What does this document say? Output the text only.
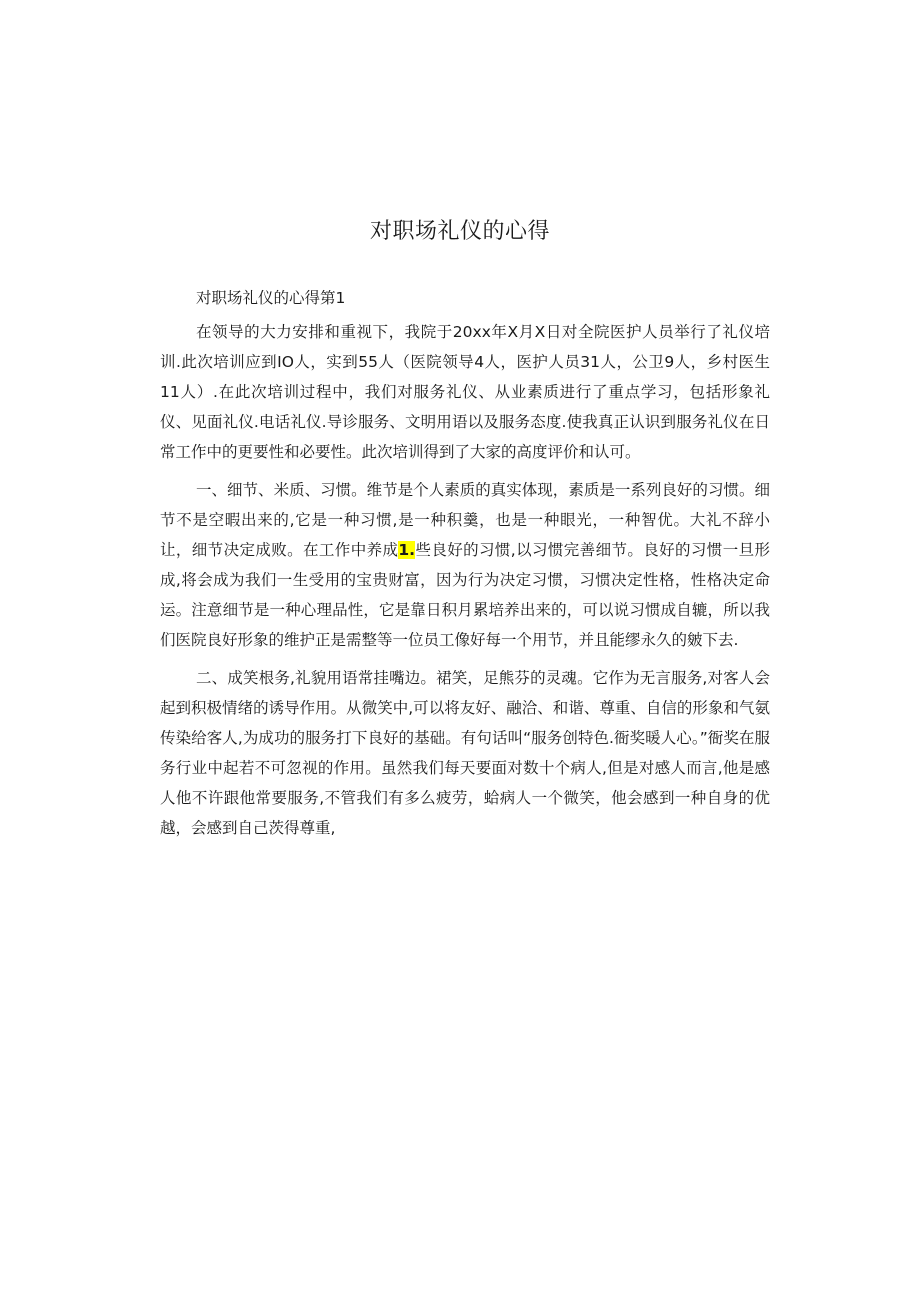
对职场礼仪的心得

对职场礼仪的心得第1

在领导的大力安排和重视下，我院于20xx年X月X日对全院医护人员举行了礼仪培训.此次培训应到IO人，实到55人（医院领导4人，医护人员31人，公卫9人，乡村医生11人）.在此次培训过程中，我们对服务礼仪、从业素质进行了重点学习，包括形象礼仪、见面礼仪.电话礼仪.导诊服务、文明用语以及服务态度.使我真正认识到服务礼仪在日常工作中的更要性和必要性。此次培训得到了大家的高度评价和认可。

一、细节、米质、习惯。维节是个人素质的真实体现，素质是一系列良好的习惯。细节不是空暇出来的,它是一种习惯,是一种积羹，也是一种眼光，一种智优。大礼不辞小让，细节决定成败。在工作中养成1.些良好的习惯,以习惯完善细节。良好的习惯一旦形成,将会成为我们一生受用的宝贵财富，因为行为决定习惯，习惯决定性格，性格决定命运。注意细节是一种心理品性，它是靠日积月累培养出来的，可以说习惯成自辘，所以我们医院良好形象的维护正是需整等一位员工像好每一个用节，并且能缪永久的皴下去.

二、成笑根务,礼貌用语常挂嘴边。裙笑，足熊芬的灵魂。它作为无言服务,对客人会起到积极情绪的诱导作用。从微笑中,可以将友好、融洽、和谐、尊重、自信的形象和气氨传染给客人,为成功的服务打下良好的基础。有句话叫“服务创特色.衙奖暖人心。”衙奖在服务行业中起若不可忽视的作用。虽然我们每天要面对数十个病人,但是对感人而言,他是感人他不许跟他常要服务,不管我们有多么疲劳，蛤病人一个微笑，他会感到一种自身的优越，会感到自己茨得尊重,
